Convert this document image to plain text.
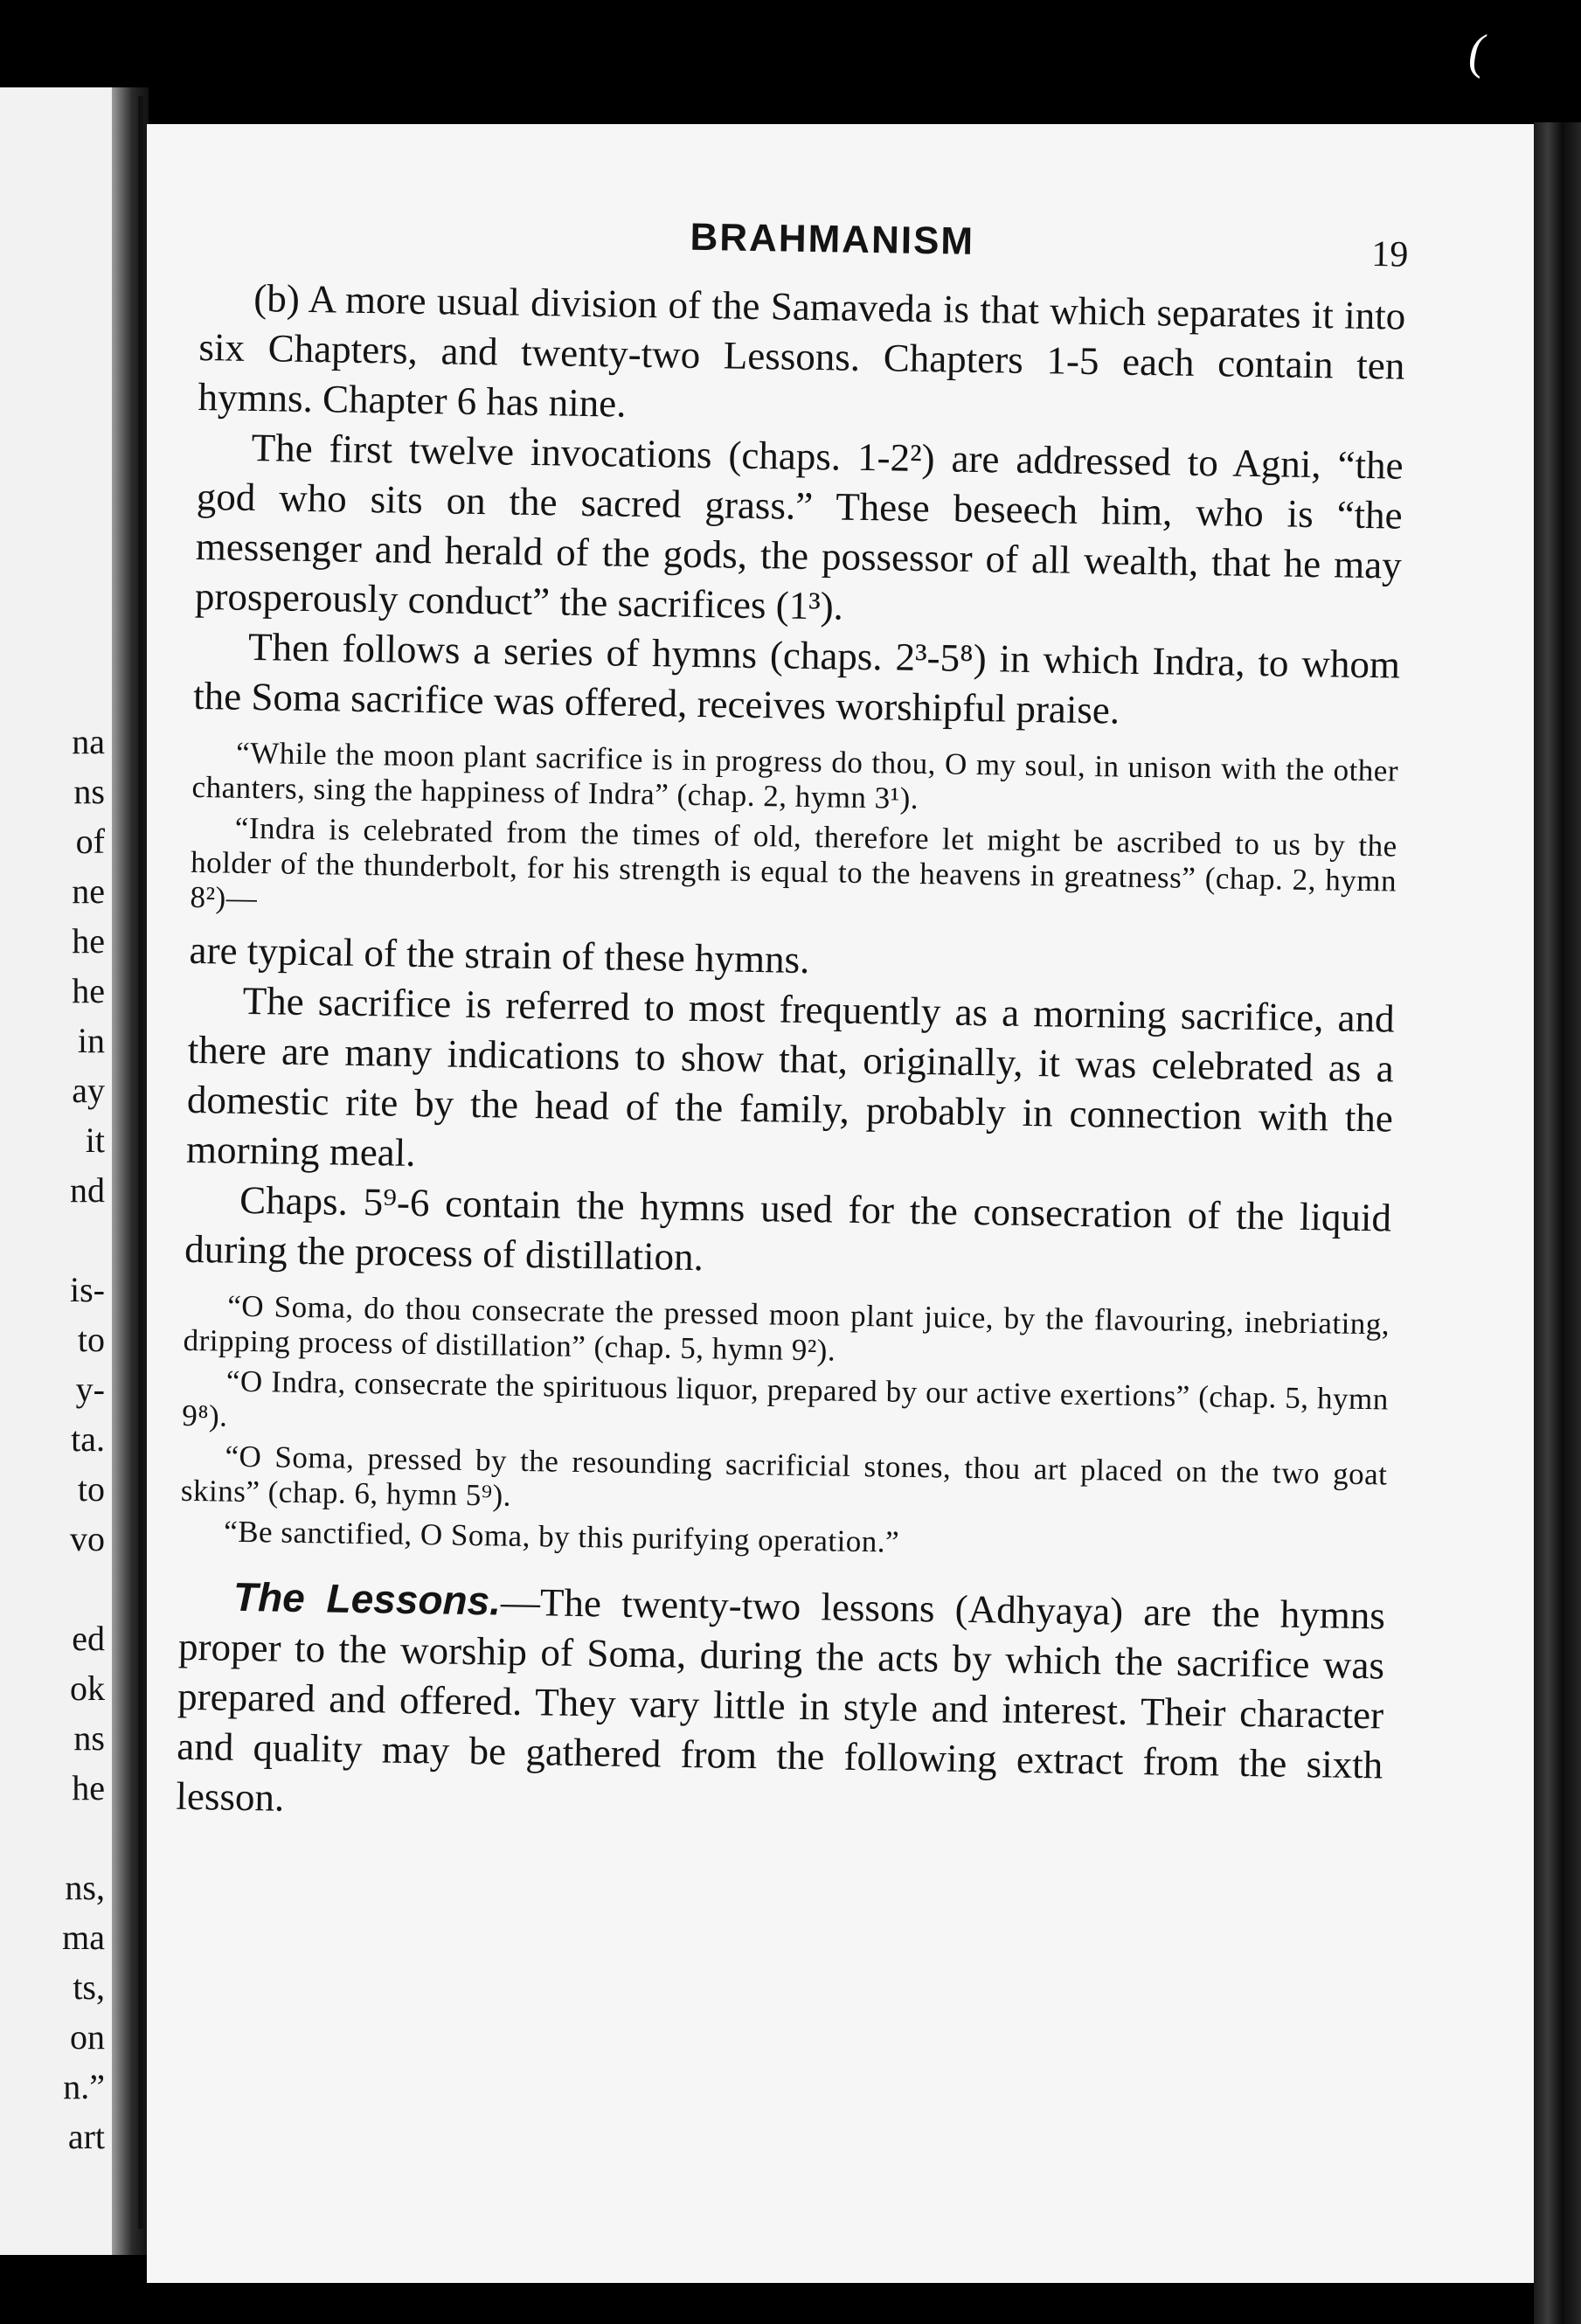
na
ns
of
ne
he
he
in
ay
it
nd
is-
to
y-
ta.
to
vo
ed
ok
ns
he
ns,
ma
ts,
on
n.”
art
(
BRAHMANISM	19

(b) A more usual division of the Samaveda is that which separates it into six Chapters, and twenty-two Lessons. Chapters 1-5 each contain ten hymns. Chapter 6 has nine.

The first twelve invocations (chaps. 1-2²) are addressed to Agni, “the god who sits on the sacred grass.” These beseech him, who is “the messenger and herald of the gods, the possessor of all wealth, that he may prosperously conduct” the sacrifices (1³).

Then follows a series of hymns (chaps. 2³-5⁸) in which Indra, to whom the Soma sacrifice was offered, receives worshipful praise.

“While the moon plant sacrifice is in progress do thou, O my soul, in unison with the other chanters, sing the happiness of Indra” (chap. 2, hymn 3¹).

“Indra is celebrated from the times of old, therefore let might be ascribed to us by the holder of the thunderbolt, for his strength is equal to the heavens in greatness” (chap. 2, hymn 8²)—

are typical of the strain of these hymns.

The sacrifice is referred to most frequently as a morning sacrifice, and there are many indications to show that, originally, it was celebrated as a domestic rite by the head of the family, probably in connection with the morning meal.

Chaps. 5⁹-6 contain the hymns used for the consecration of the liquid during the process of distillation.

“O Soma, do thou consecrate the pressed moon plant juice, by the flavouring, inebriating, dripping process of distillation” (chap. 5, hymn 9²).

“O Indra, consecrate the spirituous liquor, prepared by our active exertions” (chap. 5, hymn 9⁸).

“O Soma, pressed by the resounding sacrificial stones, thou art placed on the two goat skins” (chap. 6, hymn 5⁹).

“Be sanctified, O Soma, by this purifying operation.”

The Lessons.—The twenty-two lessons (Adhyaya) are the hymns proper to the worship of Soma, during the acts by which the sacrifice was prepared and offered. They vary little in style and interest. Their character and quality may be gathered from the following extract from the sixth lesson.
